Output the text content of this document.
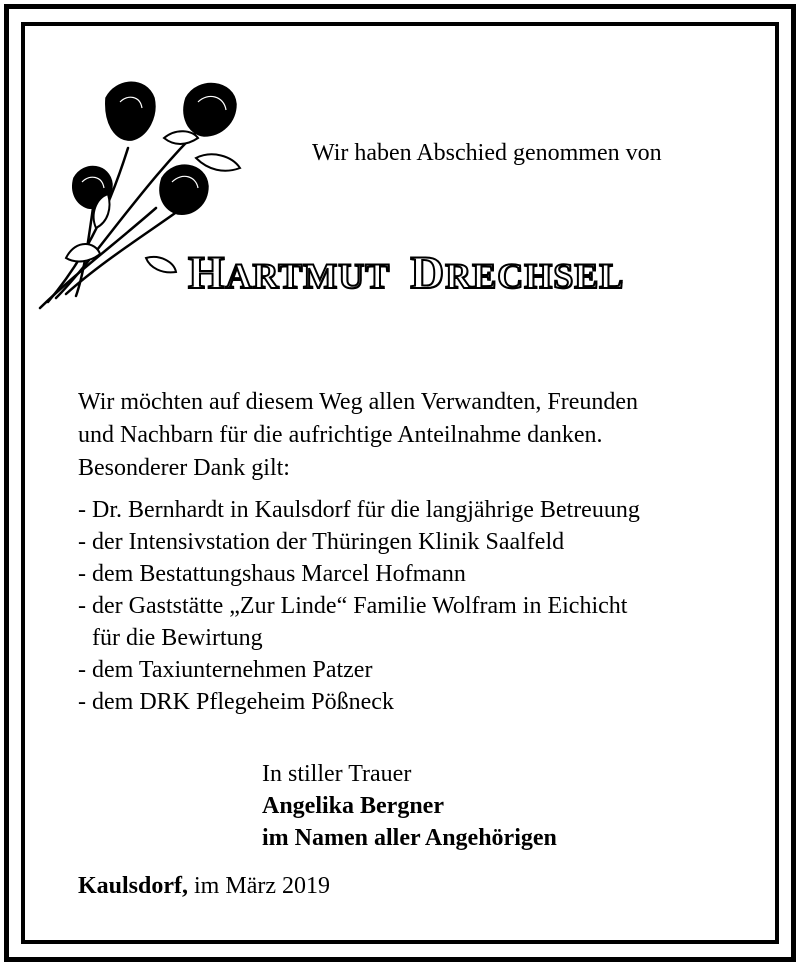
Wir haben Abschied genommen von
HARTMUT DRECHSEL

Wir möchten auf diesem Weg allen Verwandten, Freunden

und Nachbarn für die aufrichtige Anteilnahme danken.

Besonderer Dank gilt:
- Dr. Bernhardt in Kaulsdorf für die langjährige Betreuung
- der Intensivstation der Thüringen Klinik Saalfeld
- dem Bestattungshaus Marcel Hofmann
- der Gaststätte „Zur Linde“ Familie Wolfram in Eichicht
für die Bewirtung
- dem Taxiunternehmen Patzer
- dem DRK Pflegeheim Pößneck
In stiller Trauer
Angelika Bergner
im Namen aller Angehörigen
Kaulsdorf, im März 2019
